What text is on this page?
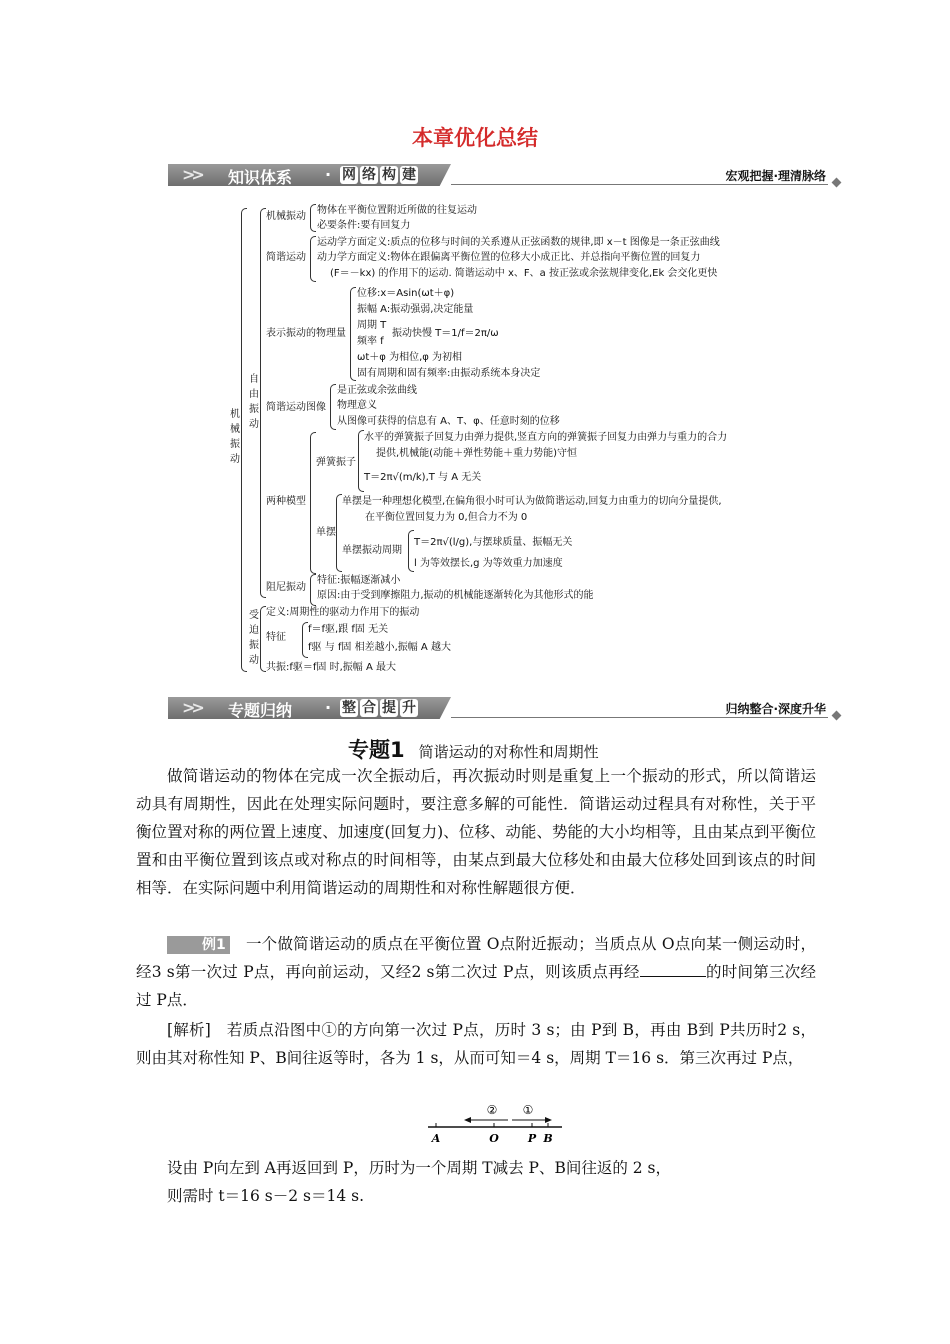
本章优化总结
>> 知识体系 · 网 络 构 建	宏观把握·理清脉络
机械振动
自由振动
受迫振动
机械振动
物体在平衡位置附近所做的往复运动
必要条件:要有回复力
简谐运动
运动学方面定义:质点的位移与时间的关系遵从正弦函数的规律,即 x－t 图像是一条正弦曲线
动力学方面定义:物体在跟偏离平衡位置的位移大小成正比、并总指向平衡位置的回复力
(F＝－kx) 的作用下的运动. 简谐运动中 x、F、a 按正弦或余弦规律变化,Ek 会交化更快
表示振动的物理量
位移:x＝Asin(ωt＋φ)
振幅 A:振动强弱,决定能量
周期 T
频率 f
振动快慢 T＝1/f＝2π/ω
ωt＋φ 为相位,φ 为初相
固有周期和固有频率:由振动系统本身决定
简谐运动图像
是正弦或余弦曲线
物理意义
从图像可获得的信息有 A、T、φ、任意时刻的位移
两种模型
弹簧振子
水平的弹簧振子回复力由弹力提供,竖直方向的弹簧振子回复力由弹力与重力的合力
提供,机械能(动能＋弹性势能＋重力势能)守恒
T＝2π√(m/k),T 与 A 无关
单摆
单摆是一种理想化模型,在偏角很小时可认为做简谐运动,回复力由重力的切向分量提供,
在平衡位置回复力为 0,但合力不为 0
单摆振动周期
T＝2π√(l/g),与摆球质量、振幅无关
l 为等效摆长,g 为等效重力加速度
阻尼振动
特征:振幅逐渐减小
原因:由于受到摩擦阻力,振动的机械能逐渐转化为其他形式的能
定义:周期性的驱动力作用下的振动
特征
f＝f驱,跟 f固 无关
f驱 与 f固 相差越小,振幅 A 越大
共振:f驱＝f固 时,振幅 A 最大
>> 专题归纳 · 整 合 提 升	归纳整合·深度升华
专题1 简谐运动的对称性和周期性
做简谐运动的物体在完成一次全振动后，再次振动时则是重复上一个振动的形式，所以简谐运动具有周期性，因此在处理实际问题时，要注意多解的可能性．简谐运动过程具有对称性，关于平衡位置对称的两位置上速度、加速度(回复力)、位移、动能、势能的大小均相等，且由某点到平衡位置和由平衡位置到该点或对称点的时间相等，由某点到最大位移处和由最大位移处回到该点的时间相等．在实际问题中利用简谐运动的周期性和对称性解题很方便．
例1 一个做简谐运动的质点在平衡位置 O点附近振动；当质点从 O点向某一侧运动时，经3 s第一次过 P点，再向前运动，又经2 s第二次过 P点，则该质点再经	的时间第三次经过 P点．
[解析]　 若质点沿图中①的方向第一次过 P点，历时 3 s；由 P到 B，再由 B到 P共历时2 s，则由其对称性知 P、B间往返等时，各为 1 s，从而可知＝4 s，周期 T＝16 s．第三次再过 P点，
② ①
A	O	P B
设由 P向左到 A再返回到 P，历时为一个周期 T减去 P、B间往返的 2 s，
则需时 t＝16 s－2 s＝14 s.
